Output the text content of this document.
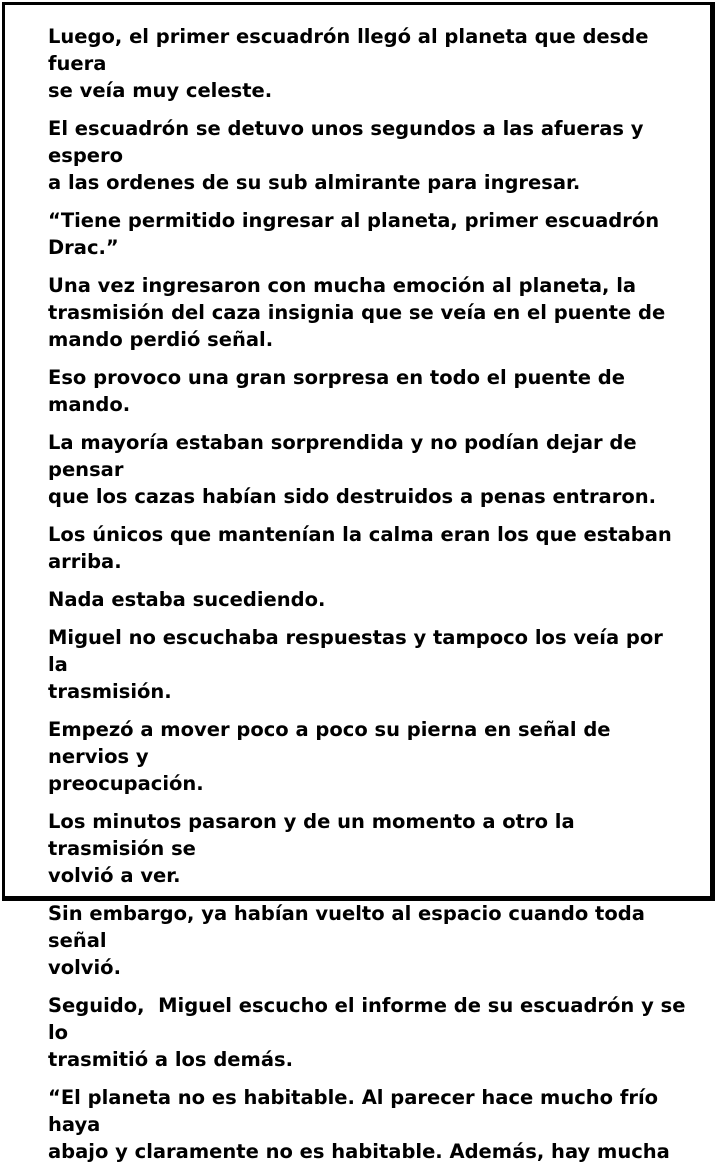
Luego, el primer escuadrón llegó al planeta que desde fuera
se veía muy celeste.

El escuadrón se detuvo unos segundos a las afueras y espero
a las ordenes de su sub almirante para ingresar.

“Tiene permitido ingresar al planeta, primer escuadrón
Drac.”

Una vez ingresaron con mucha emoción al planeta, la
trasmisión del caza insignia que se veía en el puente de
mando perdió señal.

Eso provoco una gran sorpresa en todo el puente de mando.

La mayoría estaban sorprendida y no podían dejar de pensar
que los cazas habían sido destruidos a penas entraron.

Los únicos que mantenían la calma eran los que estaban
arriba.

Nada estaba sucediendo.

Miguel no escuchaba respuestas y tampoco los veía por la
trasmisión.

Empezó a mover poco a poco su pierna en señal de nervios y
preocupación.

Los minutos pasaron y de un momento a otro la trasmisión se
volvió a ver.

Sin embargo, ya habían vuelto al espacio cuando toda señal
volvió.

Seguido,  Miguel escucho el informe de su escuadrón y se lo
trasmitió a los demás.

“El planeta no es habitable. Al parecer hace mucho frío haya
abajo y claramente no es habitable. Además, hay mucha
